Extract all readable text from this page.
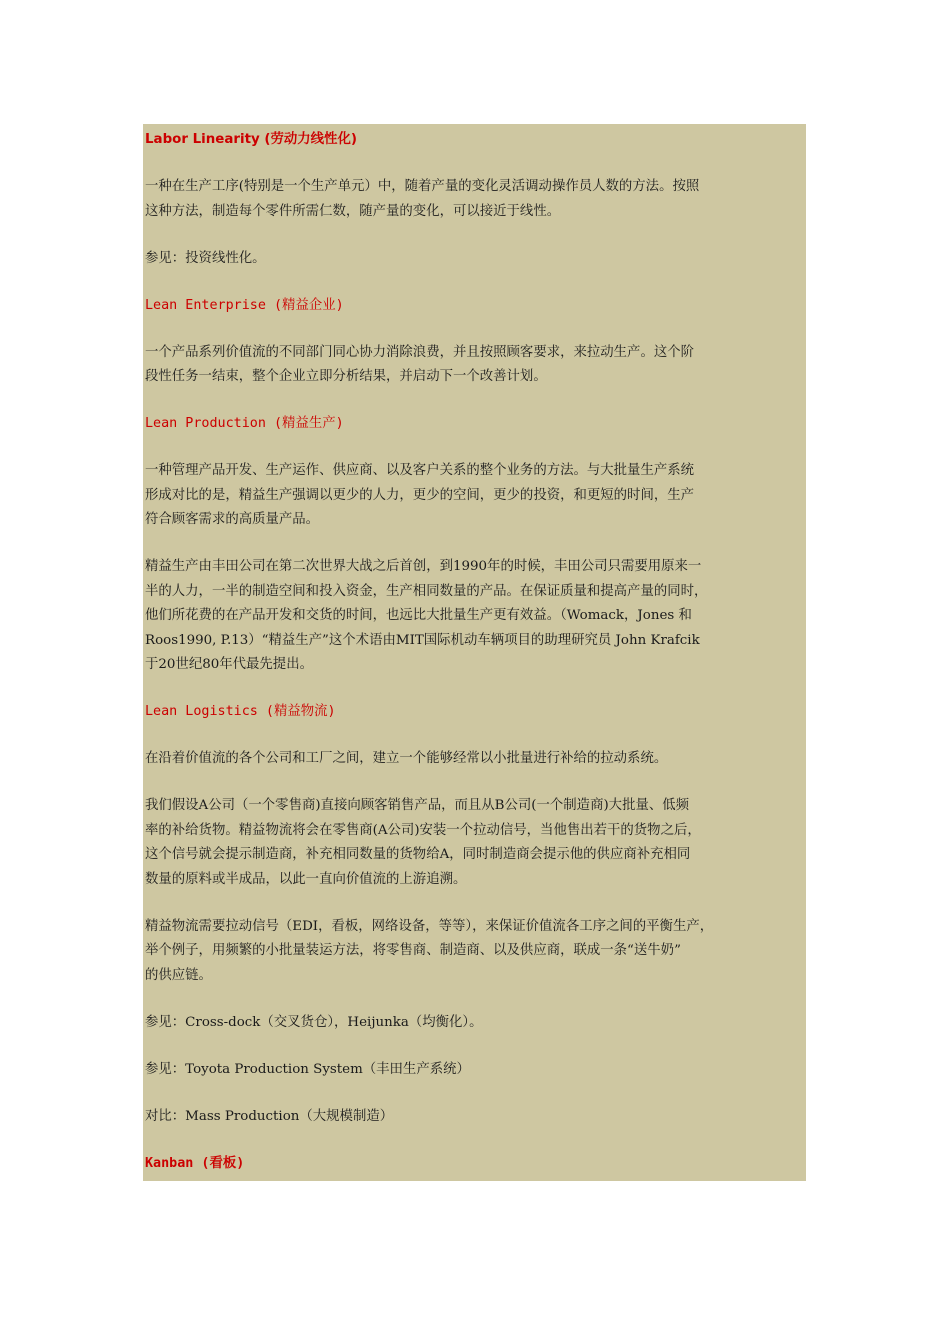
Labor Linearity (劳动力线性化)

一种在生产工序(特别是一个生产单元）中，随着产量的变化灵活调动操作员人数的方法。按照
这种方法，制造每个零件所需仁数，随产量的变化，可以接近于线性。

参见：投资线性化。

Lean Enterprise (精益企业)

一个产品系列价值流的不同部门同心协力消除浪费，并且按照顾客要求，来拉动生产。这个阶
段性任务一结束，整个企业立即分析结果，并启动下一个改善计划。

Lean Production (精益生产)

一种管理产品开发、生产运作、供应商、以及客户关系的整个业务的方法。与大批量生产系统
形成对比的是，精益生产强调以更少的人力，更少的空间，更少的投资，和更短的时间，生产
符合顾客需求的高质量产品。

精益生产由丰田公司在第二次世界大战之后首创，到1990年的时候，丰田公司只需要用原来一
半的人力，一半的制造空间和投入资金，生产相同数量的产品。在保证质量和提高产量的同时，
他们所花费的在产品开发和交货的时间，也远比大批量生产更有效益。（Womack，Jones 和
Roos1990, P.13）“精益生产”这个术语由MIT国际机动车辆项目的助理研究员 John Krafcik
于20世纪80年代最先提出。

Lean Logistics (精益物流)

在沿着价值流的各个公司和工厂之间，建立一个能够经常以小批量进行补给的拉动系统。

我们假设A公司（一个零售商)直接向顾客销售产品，而且从B公司(一个制造商)大批量、低频
率的补给货物。精益物流将会在零售商(A公司)安装一个拉动信号，当他售出若干的货物之后，
这个信号就会提示制造商，补充相同数量的货物给A，同时制造商会提示他的供应商补充相同
数量的原料或半成品，以此一直向价值流的上游追溯。

精益物流需要拉动信号（EDI，看板，网络设备，等等），来保证价值流各工序之间的平衡生产，
举个例子，用频繁的小批量装运方法，将零售商、制造商、以及供应商，联成一条“送牛奶”
的供应链。

参见：Cross-dock（交叉货仓），Heijunka（均衡化）。

参见：Toyota Production System（丰田生产系统）

对比：Mass Production（大规模制造）

Kanban (看板)
